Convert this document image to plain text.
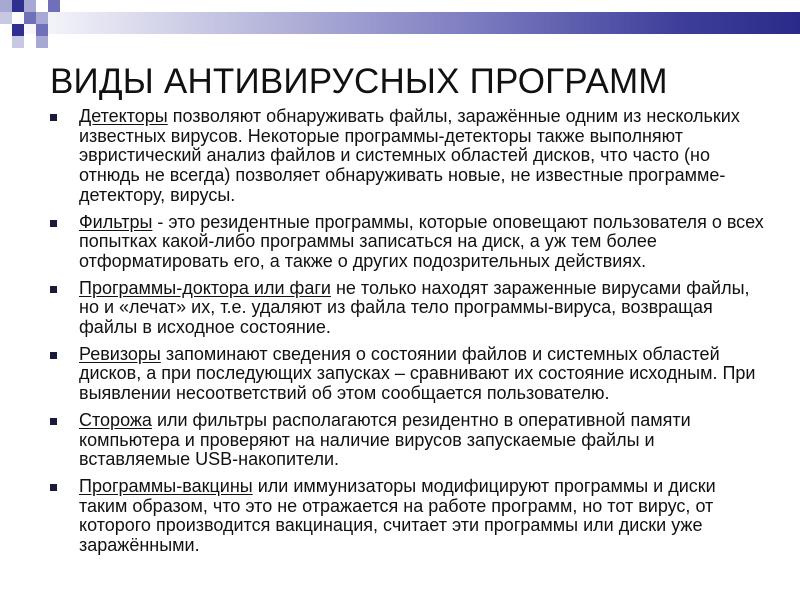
ВИДЫ АНТИВИРУСНЫХ ПРОГРАММ
Детекторы позволяют обнаруживать файлы, заражённые одним из нескольких известных вирусов. Некоторые программы-детекторы также выполняют эвристический анализ файлов и системных областей дисков, что часто (но отнюдь не всегда) позволяет обнаруживать новые, не известные программе-детектору, вирусы.
Фильтры - это резидентные программы, которые оповещают пользователя о всех попытках какой-либо программы записаться на диск, а уж тем более отформатировать его, а также о других подозрительных действиях.
Программы-доктора или фаги не только находят зараженные вирусами файлы, но и «лечат» их, т.е. удаляют из файла тело программы-вируса, возвращая файлы в исходное состояние.
Ревизоры запоминают сведения о состоянии файлов и системных областей дисков, а при последующих запусках – сравнивают их состояние исходным. При выявлении несоответствий об этом сообщается пользователю.
Сторожа или фильтры располагаются резидентно в оперативной памяти компьютера и проверяют на наличие вирусов запускаемые файлы и вставляемые USB-накопители.
Программы-вакцины или иммунизаторы модифицируют программы и диски таким образом, что это не отражается на работе программ, но тот вирус, от которого производится вакцинация, считает эти программы или диски уже заражёнными.
